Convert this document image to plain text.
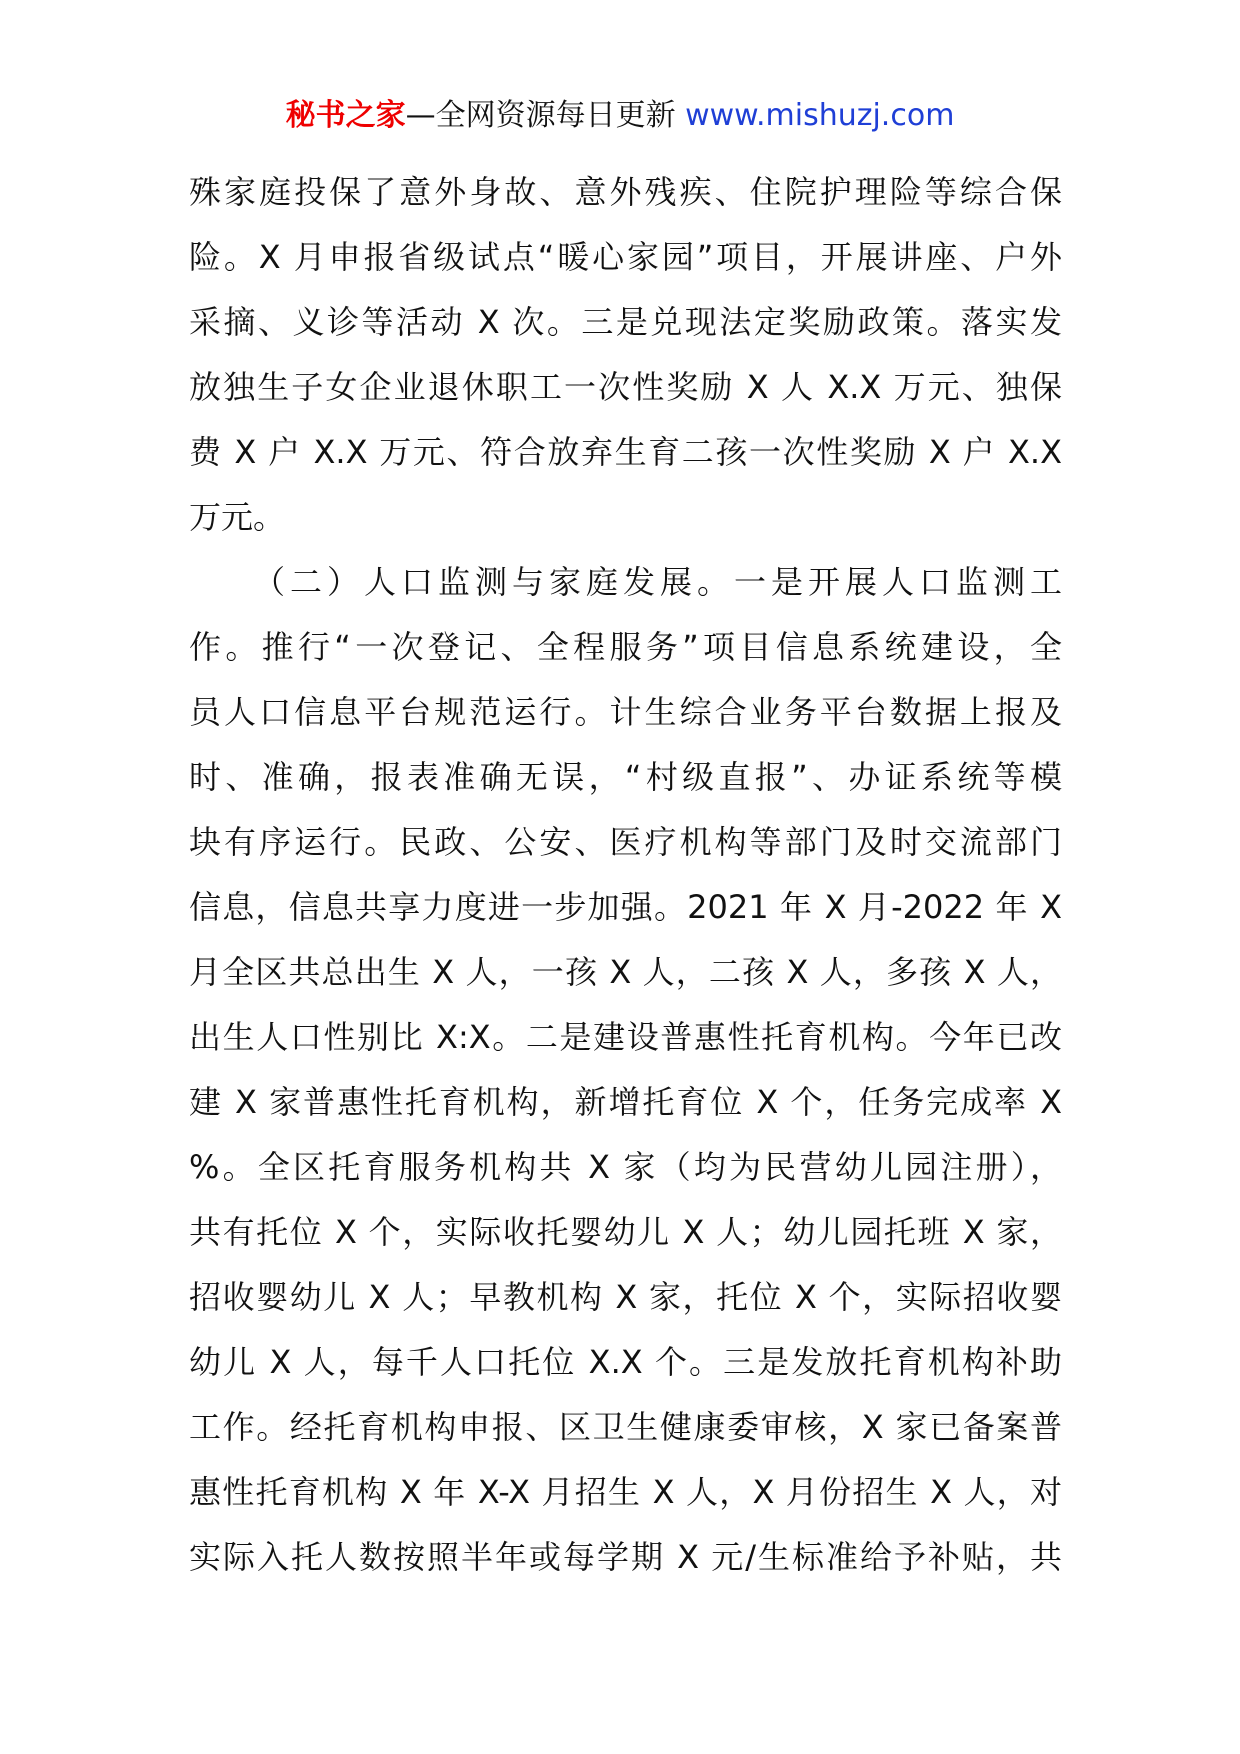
秘书之家—全网资源每日更新 www.mishuzj.com
殊家庭投保了意外身故、意外残疾、住院护理险等综合保
险。X 月申报省级试点“暖心家园”项目，开展讲座、户外
采摘、义诊等活动 X 次。三是兑现法定奖励政策。落实发
放独生子女企业退休职工一次性奖励 X 人 X.X 万元、独保
费 X 户 X.X 万元、符合放弃生育二孩一次性奖励 X 户 X.X
万元。
（二）人口监测与家庭发展。一是开展人口监测工
作。推行“一次登记、全程服务”项目信息系统建设，全
员人口信息平台规范运行。计生综合业务平台数据上报及
时、准确，报表准确无误，“村级直报”、办证系统等模
块有序运行。民政、公安、医疗机构等部门及时交流部门
信息，信息共享力度进一步加强。2021 年 X 月-2022 年 X
月全区共总出生 X 人，一孩 X 人，二孩 X 人，多孩 X 人，
出生人口性别比 X:X。二是建设普惠性托育机构。今年已改
建 X 家普惠性托育机构，新增托育位 X 个，任务完成率 X
%。全区托育服务机构共 X 家（均为民营幼儿园注册），
共有托位 X 个，实际收托婴幼儿 X 人；幼儿园托班 X 家，
招收婴幼儿 X 人；早教机构 X 家，托位 X 个，实际招收婴
幼儿 X 人，每千人口托位 X.X 个。三是发放托育机构补助
工作。经托育机构申报、区卫生健康委审核，X 家已备案普
惠性托育机构 X 年 X-X 月招生 X 人，X 月份招生 X 人，对
实际入托人数按照半年或每学期 X 元/生标准给予补贴，共
